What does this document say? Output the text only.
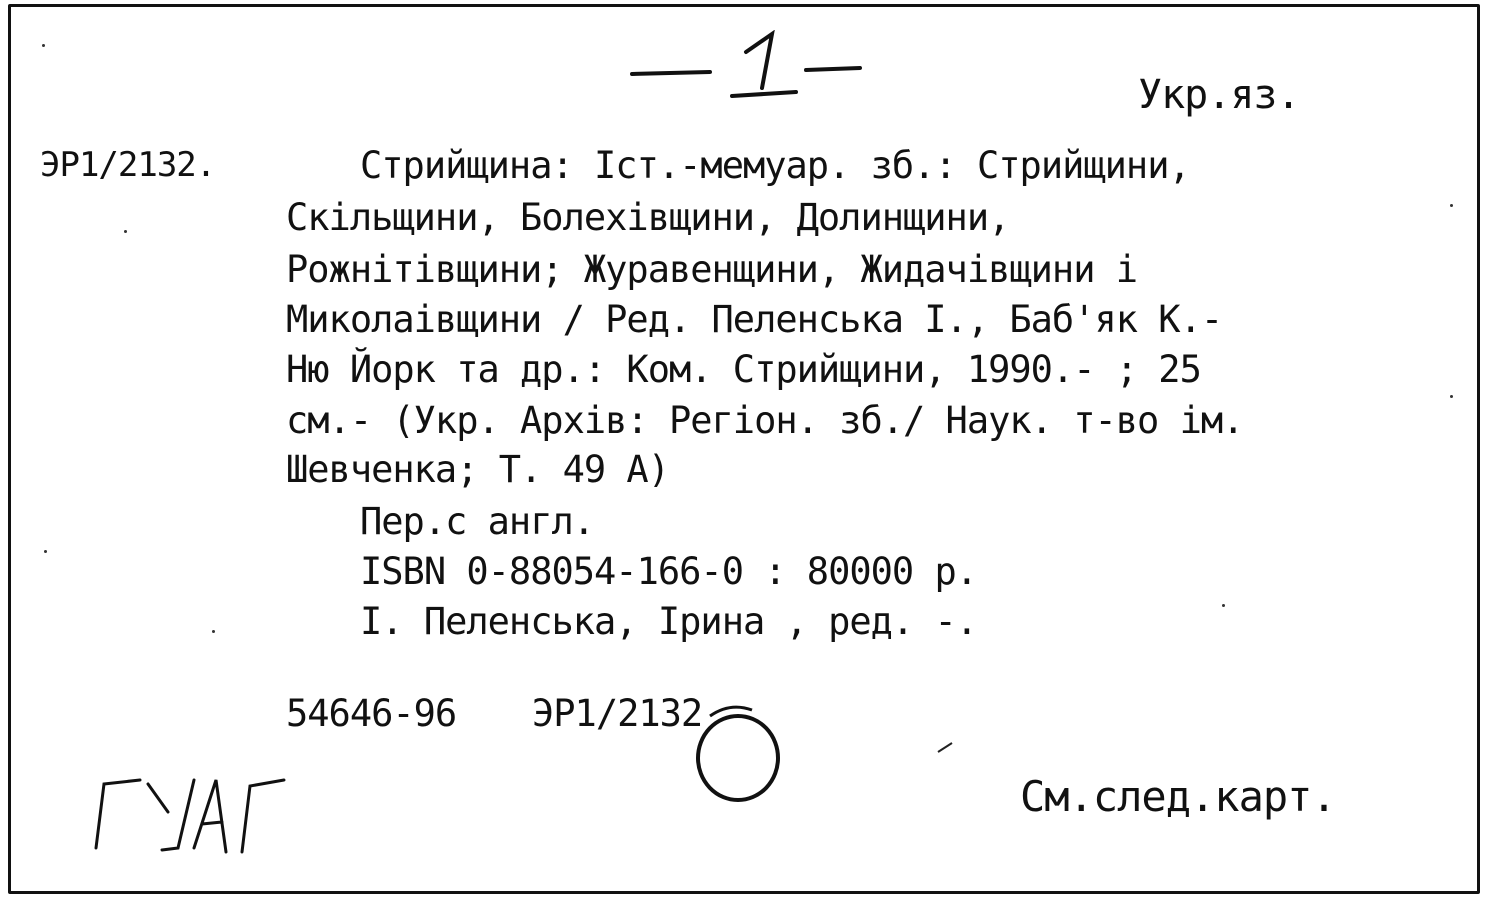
Укр.яз.

ЭР1/2132.	Стрийщина: Іст.-мемуар. зб.: Стрийщини,

Скільщини, Болехівщини, Долинщини,

Рожнітівщини; Журавенщини, Жидачівщини і

Миколаівщини / Ред. Пеленська І., Баб'як К.-

Ню Йорк та др.: Ком. Стрийщини, 1990.- ; 25

см.- (Укр. Архів: Регіон. зб./ Наук. т-во ім.

Шевченка; Т. 49 А)

Пер.с англ.

ISBN 0-88054-166-0 : 80000 р.

І. Пеленська, Ірина , ред. -.

54646-96 ЭР1/2132

См.след.карт.
